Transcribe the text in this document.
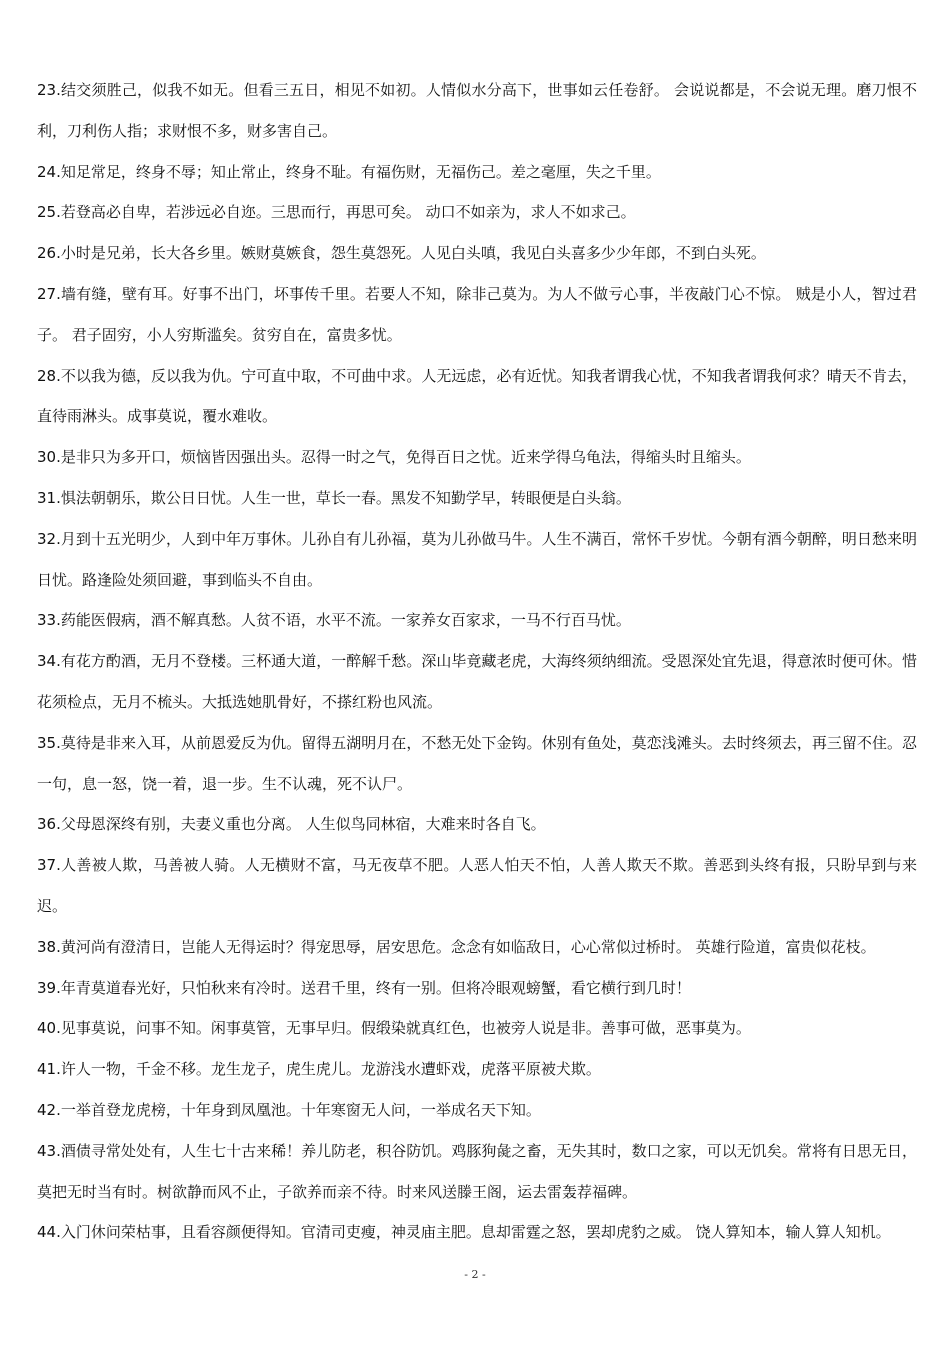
23.结交须胜己，似我不如无。但看三五日，相见不如初。人情似水分高下，世事如云任卷舒。 会说说都是，不会说无理。磨刀恨不利，刀利伤人指；求财恨不多，财多害自己。

24.知足常足，终身不辱；知止常止，终身不耻。有福伤财，无福伤己。差之毫厘，失之千里。

25.若登高必自卑，若涉远必自迩。三思而行，再思可矣。 动口不如亲为，求人不如求己。

26.小时是兄弟，长大各乡里。嫉财莫嫉食，怨生莫怨死。人见白头嗔，我见白头喜多少少年郎，不到白头死。

27.墙有缝，壁有耳。好事不出门，坏事传千里。若要人不知，除非己莫为。为人不做亏心事，半夜敲门心不惊。 贼是小人，智过君子。 君子固穷，小人穷斯滥矣。贫穷自在，富贵多忧。

28.不以我为德，反以我为仇。宁可直中取，不可曲中求。人无远虑，必有近忧。知我者谓我心忧，不知我者谓我何求？晴天不肯去，直待雨淋头。成事莫说，覆水难收。

30.是非只为多开口，烦恼皆因强出头。忍得一时之气，免得百日之忧。近来学得乌龟法，得缩头时且缩头。

31.惧法朝朝乐，欺公日日忧。人生一世，草长一春。黑发不知勤学早，转眼便是白头翁。

32.月到十五光明少，人到中年万事休。儿孙自有儿孙福，莫为儿孙做马牛。人生不满百，常怀千岁忧。今朝有酒今朝醉，明日愁来明日忧。路逢险处须回避，事到临头不自由。

33.药能医假病，酒不解真愁。人贫不语，水平不流。一家养女百家求，一马不行百马忧。

34.有花方酌酒，无月不登楼。三杯通大道，一醉解千愁。深山毕竟藏老虎，大海终须纳细流。受恩深处宜先退，得意浓时便可休。惜花须检点，无月不梳头。大抵选她肌骨好，不搽红粉也风流。

35.莫待是非来入耳，从前恩爱反为仇。留得五湖明月在，不愁无处下金钩。休别有鱼处，莫恋浅滩头。去时终须去，再三留不住。忍一句，息一怒，饶一着，退一步。生不认魂，死不认尸。

36.父母恩深终有别，夫妻义重也分离。 人生似鸟同林宿，大难来时各自飞。

37.人善被人欺，马善被人骑。人无横财不富，马无夜草不肥。人恶人怕天不怕，人善人欺天不欺。善恶到头终有报，只盼早到与来迟。

38.黄河尚有澄清日，岂能人无得运时？得宠思辱，居安思危。念念有如临敌日，心心常似过桥时。 英雄行险道，富贵似花枝。

39.年青莫道春光好，只怕秋来有冷时。送君千里，终有一别。但将冷眼观螃蟹，看它横行到几时！

40.见事莫说，问事不知。闲事莫管，无事早归。假缎染就真红色，也被旁人说是非。善事可做，恶事莫为。

41.许人一物，千金不移。龙生龙子，虎生虎儿。龙游浅水遭虾戏，虎落平原被犬欺。

42.一举首登龙虎榜，十年身到凤凰池。十年寒窗无人问，一举成名天下知。

43.酒债寻常处处有，人生七十古来稀！养儿防老，积谷防饥。鸡豚狗彘之畜，无失其时，数口之家，可以无饥矣。常将有日思无日，莫把无时当有时。树欲静而风不止，子欲养而亲不待。时来风送滕王阁，运去雷轰荐福碑。

44.入门休问荣枯事，且看容颜便得知。官清司吏瘦，神灵庙主肥。息却雷霆之怒，罢却虎豹之威。 饶人算知本，输人算人知机。

- 2 -
